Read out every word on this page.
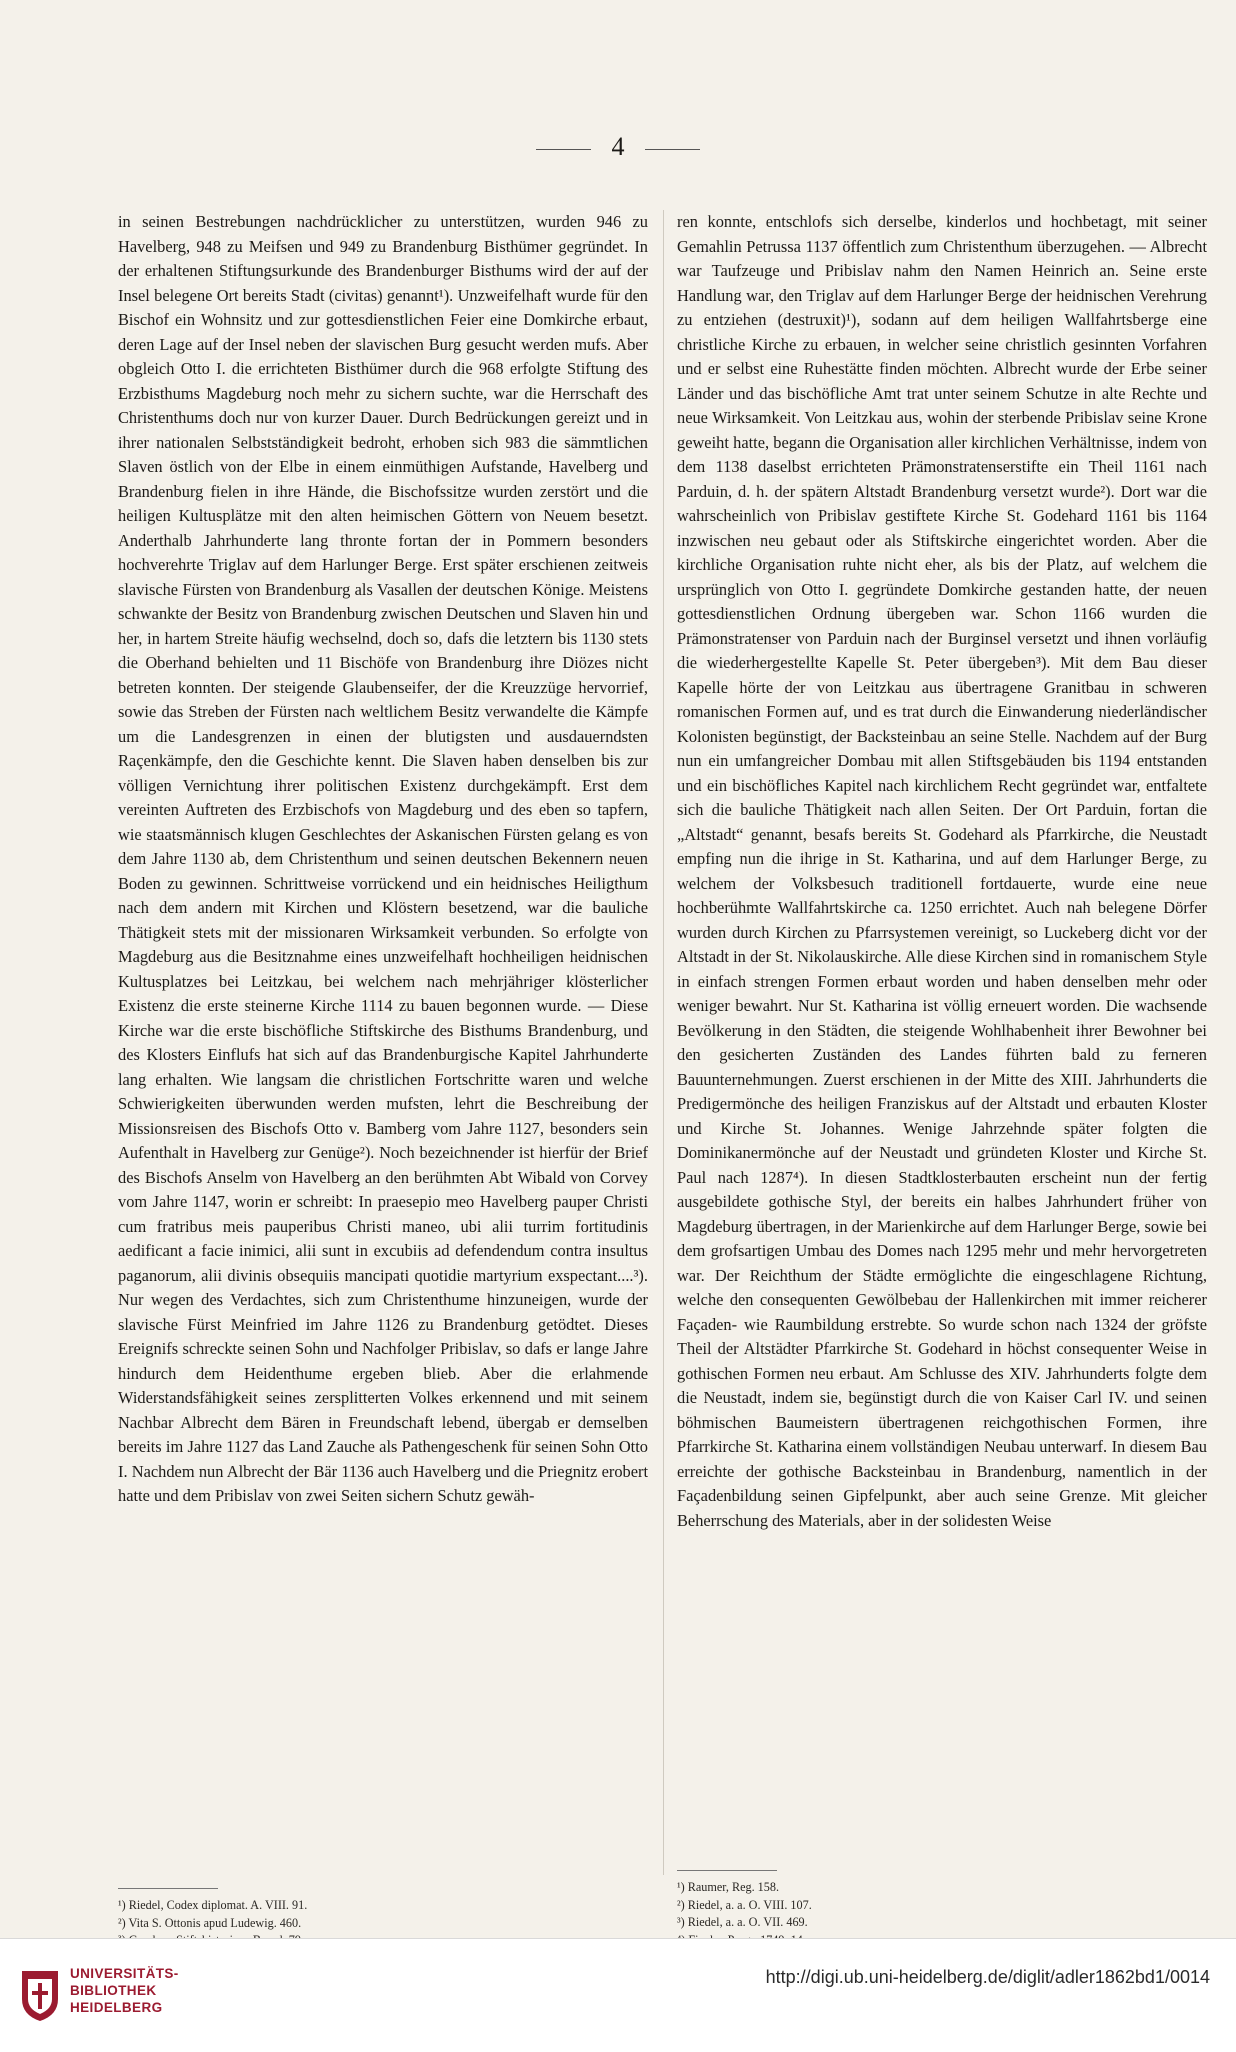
4

in seinen Bestrebungen nachdrücklicher zu unterstützen, wurden 946 zu Havelberg, 948 zu Meifsen und 949 zu Brandenburg Bisthümer gegründet. In der erhaltenen Stiftungsurkunde des Brandenburger Bisthums wird der auf der Insel belegene Ort bereits Stadt (civitas) genannt¹). Unzweifelhaft wurde für den Bischof ein Wohnsitz und zur gottesdienstlichen Feier eine Domkirche erbaut, deren Lage auf der Insel neben der slavischen Burg gesucht werden mufs. Aber obgleich Otto I. die errichteten Bisthümer durch die 968 erfolgte Stiftung des Erzbisthums Magdeburg noch mehr zu sichern suchte, war die Herrschaft des Christenthums doch nur von kurzer Dauer. Durch Bedrückungen gereizt und in ihrer nationalen Selbstständigkeit bedroht, erhoben sich 983 die sämmtlichen Slaven östlich von der Elbe in einem einmüthigen Aufstande, Havelberg und Brandenburg fielen in ihre Hände, die Bischofssitze wurden zerstört und die heiligen Kultusplätze mit den alten heimischen Göttern von Neuem besetzt. Anderthalb Jahrhunderte lang thronte fortan der in Pommern besonders hochverehrte Triglav auf dem Harlunger Berge. Erst später erschienen zeitweis slavische Fürsten von Brandenburg als Vasallen der deutschen Könige. Meistens schwankte der Besitz von Brandenburg zwischen Deutschen und Slaven hin und her, in hartem Streite häufig wechselnd, doch so, dafs die letztern bis 1130 stets die Oberhand behielten und 11 Bischöfe von Brandenburg ihre Diözes nicht betreten konnten. Der steigende Glaubenseifer, der die Kreuzzüge hervorrief, sowie das Streben der Fürsten nach weltlichem Besitz verwandelte die Kämpfe um die Landesgrenzen in einen der blutigsten und ausdauerndsten Raçenkämpfe, den die Geschichte kennt. Die Slaven haben denselben bis zur völligen Vernichtung ihrer politischen Existenz durchgekämpft. Erst dem vereinten Auftreten des Erzbischofs von Magdeburg und des eben so tapfern, wie staatsmännisch klugen Geschlechtes der Askanischen Fürsten gelang es von dem Jahre 1130 ab, dem Christenthum und seinen deutschen Bekennern neuen Boden zu gewinnen. Schrittweise vorrückend und ein heidnisches Heiligthum nach dem andern mit Kirchen und Klöstern besetzend, war die bauliche Thätigkeit stets mit der missionaren Wirksamkeit verbunden. So erfolgte von Magdeburg aus die Besitznahme eines unzweifelhaft hochheiligen heidnischen Kultusplatzes bei Leitzkau, bei welchem nach mehrjähriger klösterlicher Existenz die erste steinerne Kirche 1114 zu bauen begonnen wurde. — Diese Kirche war die erste bischöfliche Stiftskirche des Bisthums Brandenburg, und des Klosters Einflufs hat sich auf das Brandenburgische Kapitel Jahrhunderte lang erhalten. Wie langsam die christlichen Fortschritte waren und welche Schwierigkeiten überwunden werden mufsten, lehrt die Beschreibung der Missionsreisen des Bischofs Otto v. Bamberg vom Jahre 1127, besonders sein Aufenthalt in Havelberg zur Genüge²). Noch bezeichnender ist hierfür der Brief des Bischofs Anselm von Havelberg an den berühmten Abt Wibald von Corvey vom Jahre 1147, worin er schreibt: In praesepio meo Havelberg pauper Christi cum fratribus meis pauperibus Christi maneo, ubi alii turrim fortitudinis aedificant a facie inimici, alii sunt in excubiis ad defendendum contra insultus paganorum, alii divinis obsequiis mancipati quotidie martyrium exspectant....³). Nur wegen des Verdachtes, sich zum Christenthume hinzuneigen, wurde der slavische Fürst Meinfried im Jahre 1126 zu Brandenburg getödtet. Dieses Ereignifs schreckte seinen Sohn und Nachfolger Pribislav, so dafs er lange Jahre hindurch dem Heidenthume ergeben blieb. Aber die erlahmende Widerstandsfähigkeit seines zersplitterten Volkes erkennend und mit seinem Nachbar Albrecht dem Bären in Freundschaft lebend, übergab er demselben bereits im Jahre 1127 das Land Zauche als Pathengeschenk für seinen Sohn Otto I. Nachdem nun Albrecht der Bär 1136 auch Havelberg und die Priegnitz erobert hatte und dem Pribislav von zwei Seiten sichern Schutz gewäh-

ren konnte, entschlofs sich derselbe, kinderlos und hochbetagt, mit seiner Gemahlin Petrussa 1137 öffentlich zum Christenthum überzugehen. — Albrecht war Taufzeuge und Pribislav nahm den Namen Heinrich an. Seine erste Handlung war, den Triglav auf dem Harlunger Berge der heidnischen Verehrung zu entziehen (destruxit)¹), sodann auf dem heiligen Wallfahrtsberge eine christliche Kirche zu erbauen, in welcher seine christlich gesinnten Vorfahren und er selbst eine Ruhestätte finden möchten. Albrecht wurde der Erbe seiner Länder und das bischöfliche Amt trat unter seinem Schutze in alte Rechte und neue Wirksamkeit. Von Leitzkau aus, wohin der sterbende Pribislav seine Krone geweiht hatte, begann die Organisation aller kirchlichen Verhältnisse, indem von dem 1138 daselbst errichteten Prämonstratenserstifte ein Theil 1161 nach Parduin, d. h. der spätern Altstadt Brandenburg versetzt wurde²). Dort war die wahrscheinlich von Pribislav gestiftete Kirche St. Godehard 1161 bis 1164 inzwischen neu gebaut oder als Stiftskirche eingerichtet worden. Aber die kirchliche Organisation ruhte nicht eher, als bis der Platz, auf welchem die ursprünglich von Otto I. gegründete Domkirche gestanden hatte, der neuen gottesdienstlichen Ordnung übergeben war. Schon 1166 wurden die Prämonstratenser von Parduin nach der Burginsel versetzt und ihnen vorläufig die wiederhergestellte Kapelle St. Peter übergeben³). Mit dem Bau dieser Kapelle hörte der von Leitzkau aus übertragene Granitbau in schweren romanischen Formen auf, und es trat durch die Einwanderung niederländischer Kolonisten begünstigt, der Backsteinbau an seine Stelle. Nachdem auf der Burg nun ein umfangreicher Dombau mit allen Stiftsgebäuden bis 1194 entstanden und ein bischöfliches Kapitel nach kirchlichem Recht gegründet war, entfaltete sich die bauliche Thätigkeit nach allen Seiten. Der Ort Parduin, fortan die „Altstadt“ genannt, besafs bereits St. Godehard als Pfarrkirche, die Neustadt empfing nun die ihrige in St. Katharina, und auf dem Harlunger Berge, zu welchem der Volksbesuch traditionell fortdauerte, wurde eine neue hochberühmte Wallfahrtskirche ca. 1250 errichtet. Auch nah belegene Dörfer wurden durch Kirchen zu Pfarrsystemen vereinigt, so Luckeberg dicht vor der Altstadt in der St. Nikolauskirche. Alle diese Kirchen sind in romanischem Style in einfach strengen Formen erbaut worden und haben denselben mehr oder weniger bewahrt. Nur St. Katharina ist völlig erneuert worden. Die wachsende Bevölkerung in den Städten, die steigende Wohlhabenheit ihrer Bewohner bei den gesicherten Zuständen des Landes führten bald zu ferneren Bauunternehmungen. Zuerst erschienen in der Mitte des XIII. Jahrhunderts die Predigermönche des heiligen Franziskus auf der Altstadt und erbauten Kloster und Kirche St. Johannes. Wenige Jahrzehnde später folgten die Dominikanermönche auf der Neustadt und gründeten Kloster und Kirche St. Paul nach 1287⁴). In diesen Stadtklosterbauten erscheint nun der fertig ausgebildete gothische Styl, der bereits ein halbes Jahrhundert früher von Magdeburg übertragen, in der Marienkirche auf dem Harlunger Berge, sowie bei dem grofsartigen Umbau des Domes nach 1295 mehr und mehr hervorgetreten war. Der Reichthum der Städte ermöglichte die eingeschlagene Richtung, welche den consequenten Gewölbebau der Hallenkirchen mit immer reicherer Façaden- wie Raumbildung erstrebte. So wurde schon nach 1324 der gröfste Theil der Altstädter Pfarrkirche St. Godehard in höchst consequenter Weise in gothischen Formen neu erbaut. Am Schlusse des XIV. Jahrhunderts folgte dem die Neustadt, indem sie, begünstigt durch die von Kaiser Carl IV. und seinen böhmischen Baumeistern übertragenen reichgothischen Formen, ihre Pfarrkirche St. Katharina einem vollständigen Neubau unterwarf. In diesem Bau erreichte der gothische Backsteinbau in Brandenburg, namentlich in der Façadenbildung seinen Gipfelpunkt, aber auch seine Grenze. Mit gleicher Beherrschung des Materials, aber in der solidesten Weise

¹) Riedel, Codex diplomat. A. VIII. 91.
²) Vita S. Ottonis apud Ludewig. 460.
¹) Raumer, Reg. 158.
²) Riedel, a. a. O. VIII. 107.
³) Riedel, a. a. O. VII. 469.
UNIVERSITÄTS-
BIBLIOTHEK
HEIDELBERG
http://digi.ub.uni-heidelberg.de/diglit/adler1862bd1/0014
